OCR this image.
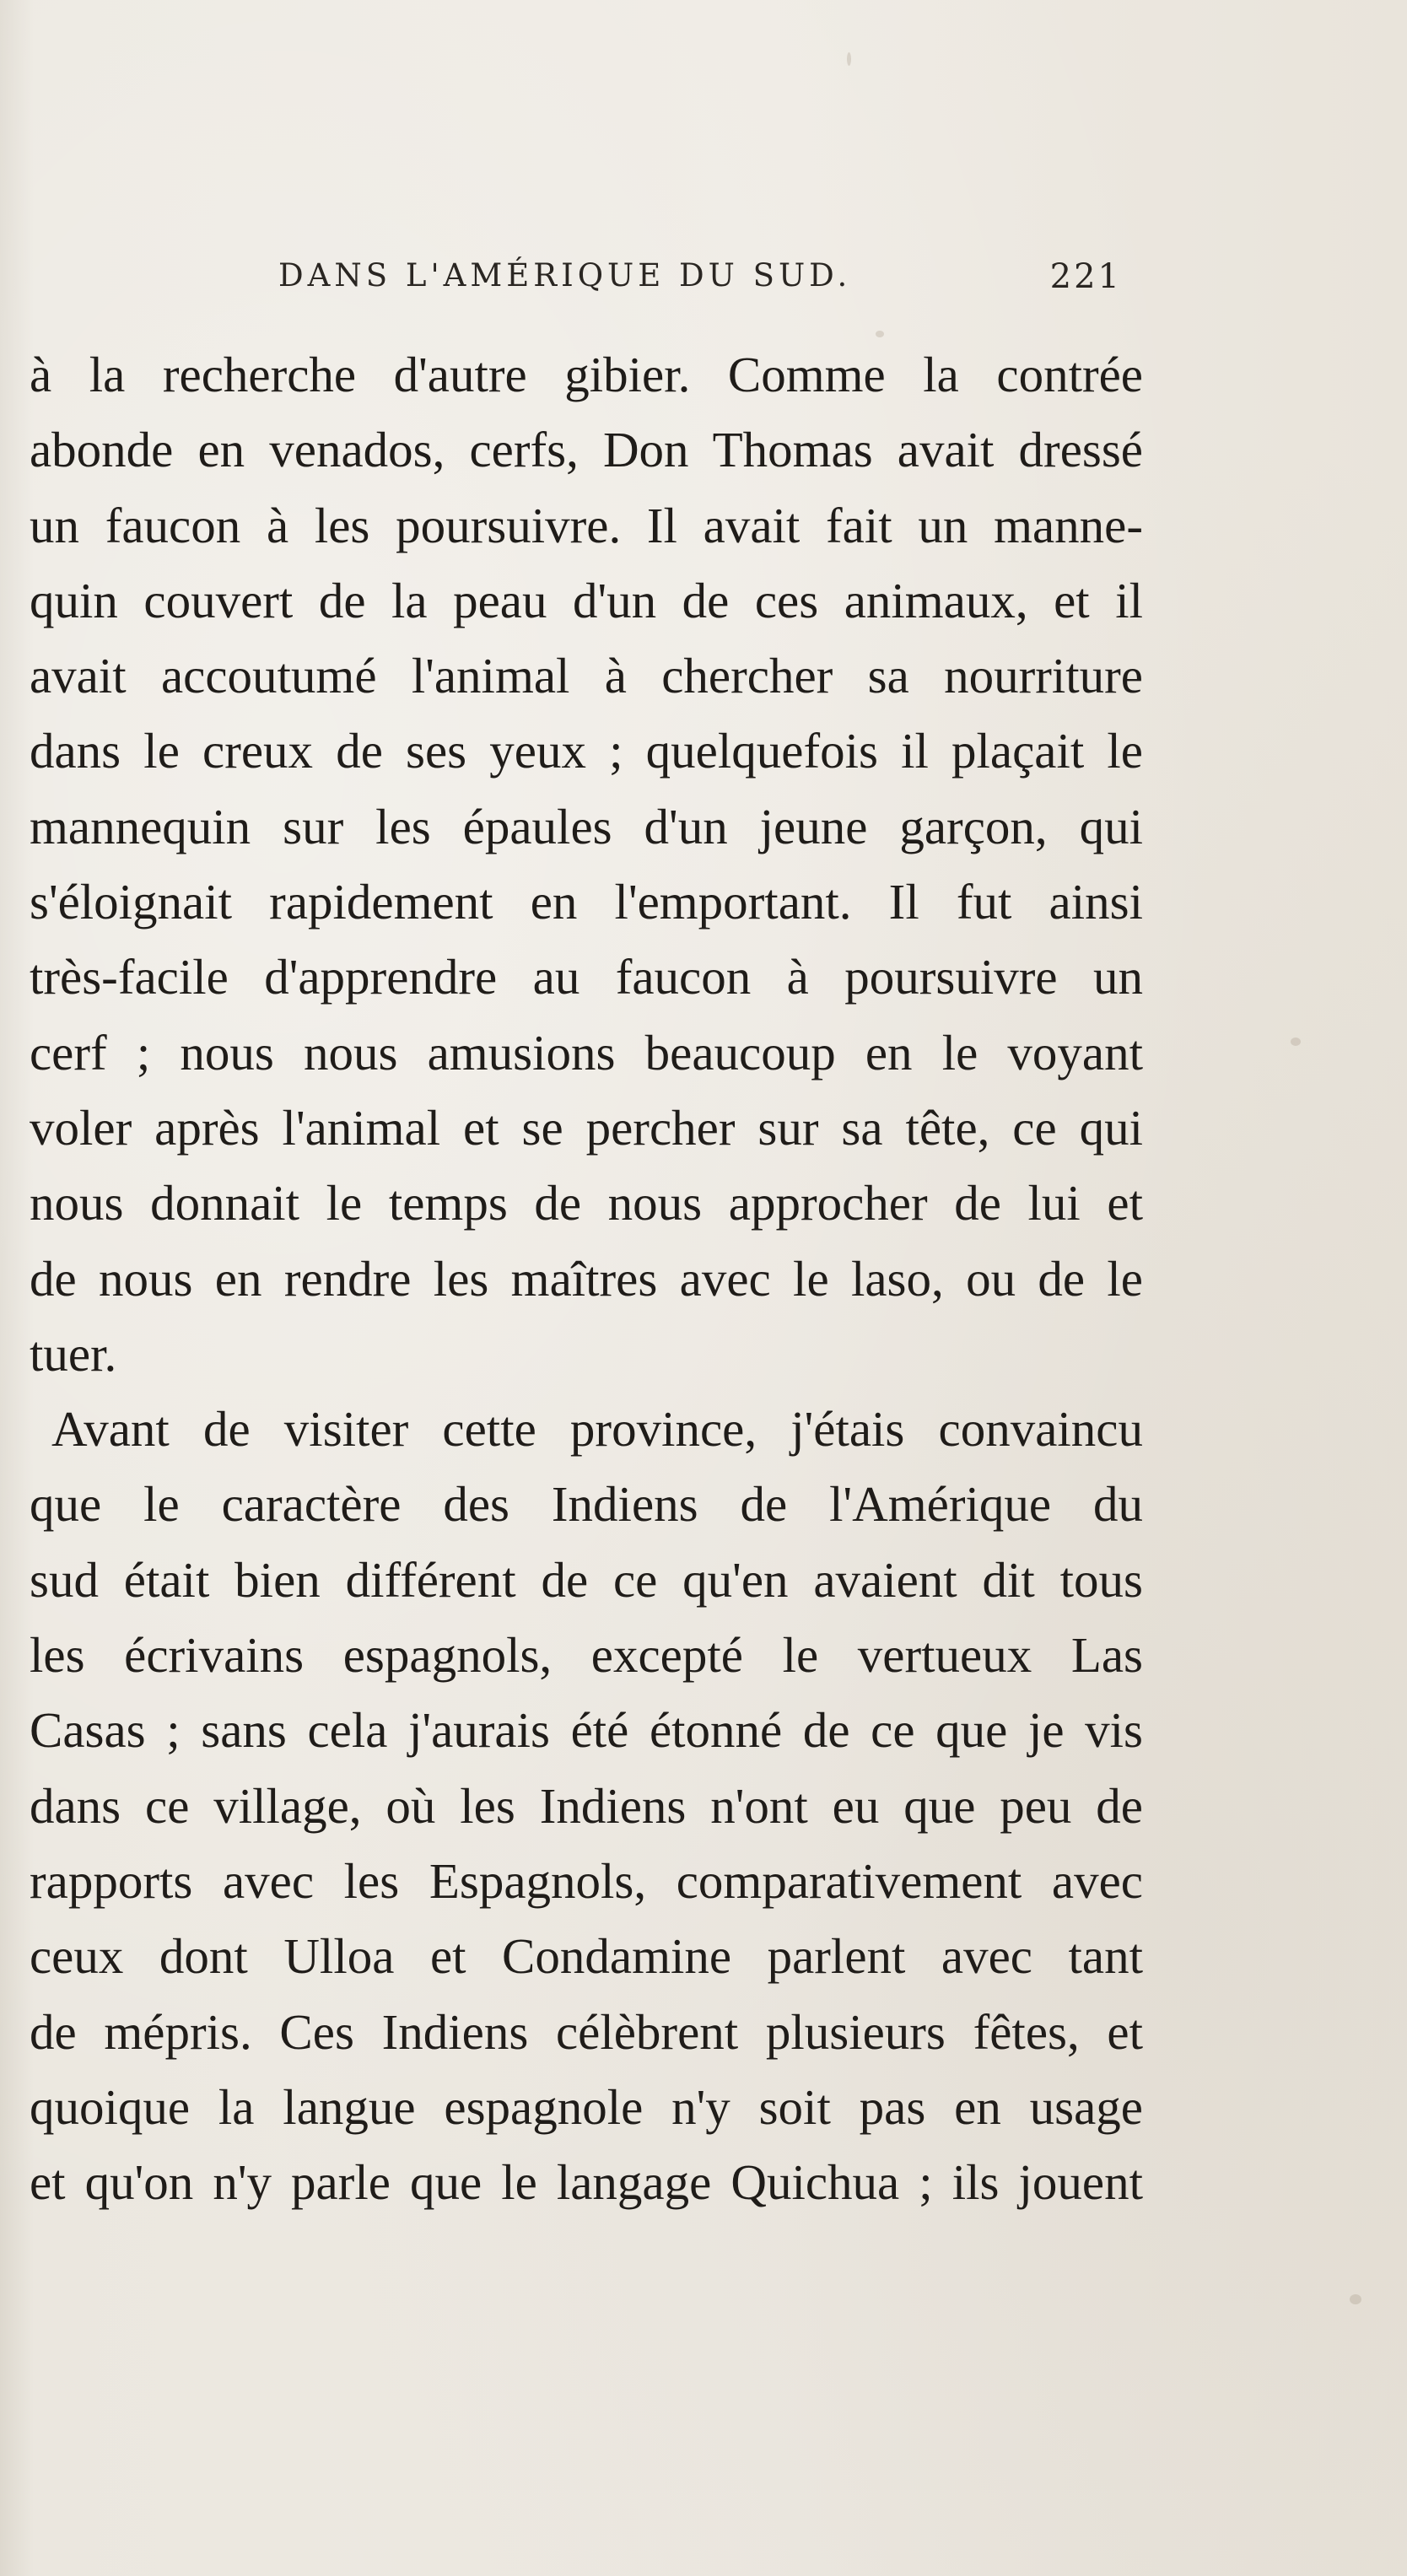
DANS L'AMÉRIQUE DU SUD.	221
à la recherche d'autre gibier. Comme la contrée
abonde en venados, cerfs, Don Thomas avait dressé
un faucon à les poursuivre. Il avait fait un manne-
quin couvert de la peau d'un de ces animaux, et il
avait accoutumé l'animal à chercher sa nourriture
dans le creux de ses yeux ; quelquefois il plaçait le
mannequin sur les épaules d'un jeune garçon, qui
s'éloignait rapidement en l'emportant. Il fut ainsi
très-facile d'apprendre au faucon à poursuivre un
cerf ; nous nous amusions beaucoup en le voyant
voler après l'animal et se percher sur sa tête, ce qui
nous donnait le temps de nous approcher de lui et
de nous en rendre les maîtres avec le laso, ou de le
tuer.
Avant de visiter cette province, j'étais convaincu
que le caractère des Indiens de l'Amérique du
sud était bien différent de ce qu'en avaient dit tous
les écrivains espagnols, excepté le vertueux Las
Casas ; sans cela j'aurais été étonné de ce que je vis
dans ce village, où les Indiens n'ont eu que peu de
rapports avec les Espagnols, comparativement avec
ceux dont Ulloa et Condamine parlent avec tant
de mépris. Ces Indiens célèbrent plusieurs fêtes, et
quoique la langue espagnole n'y soit pas en usage
et qu'on n'y parle que le langage Quichua ; ils jouent
